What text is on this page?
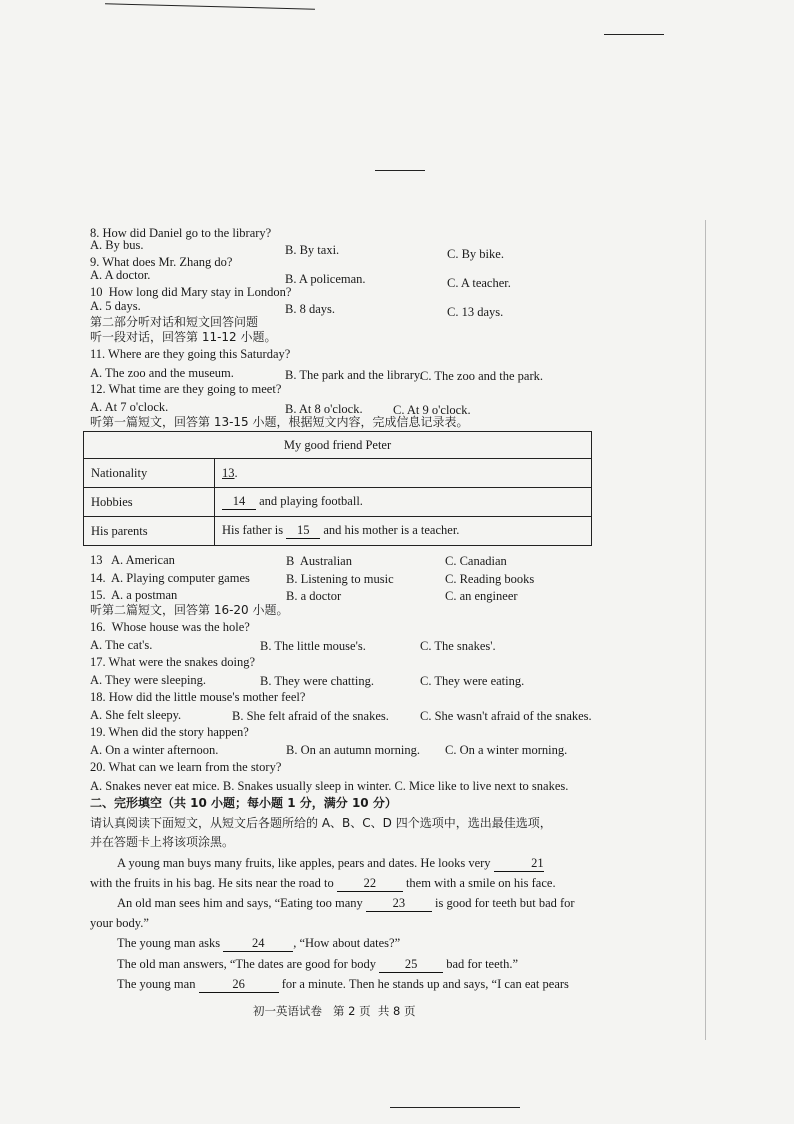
8. How did Daniel go to the library?
A. By bus.	B. By taxi.	C. By bike.
9. What does Mr. Zhang do?
A. A doctor.	B. A policeman.	C. A teacher.
10  How long did Mary stay in London?
A. 5 days.	B. 8 days.	C. 13 days.
第二部分听对话和短文回答问题
听一段对话，回答第 11-12 小题。
11. Where are they going this Saturday?
A. The zoo and the museum.	B. The park and the library.
C. The zoo and the park.
12. What time are they going to meet?
A. At 7 o'clock.	B. At 8 o'clock. C. At 9 o'clock.
听第一篇短文，回答第 13-15 小题，根据短文内容，完成信息记录表。
My good friend Peter	
Nationality	13.
Hobbies	14 and playing football.
His parents	His father is 15 and his mother is a teacher.
13 A. American	B  Australian	C. Canadian
14. A. Playing computer games	B. Listening to music	C. Reading books
15. A. a postman	B. a doctor	C. an engineer
听第二篇短文，回答第 16-20 小题。
16.  Whose house was the hole?
A. The cat's.	B. The little mouse's.	C. The snakes'.
17. What were the snakes doing?
A. They were sleeping.	B. They were chatting.	C. They were eating.
18. How did the little mouse's mother feel?
A. She felt sleepy.	B. She felt afraid of the snakes. C. She wasn't afraid of the snakes.
19. When did the story happen?
A. On a winter afternoon.	B. On an autumn morning. C. On a winter morning.
20. What can we learn from the story?
A. Snakes never eat mice. B. Snakes usually sleep in winter. C. Mice like to live next to snakes.
二、完形填空（共 10 小题；每小题 1 分，满分 10 分）
请认真阅读下面短文，从短文后各题所给的 A、B、C、D 四个选项中，选出最佳选项，
并在答题卡上将该项涂黑。
A young man buys many fruits, like apples, pears and dates. He looks very	21
with the fruits in his bag. He sits near the road to 22 them with a smile on his face.
An old man sees him and says, “Eating too many 23 is good for teeth but bad for
your body.”
The young man asks	24 , “How about dates?”
The old man answers, “The dates are good for body 25 bad for teeth.”
The young man	26	for a minute. Then he stands up and says, “I can eat pears
初一英语试卷   第 2 页  共 8 页
